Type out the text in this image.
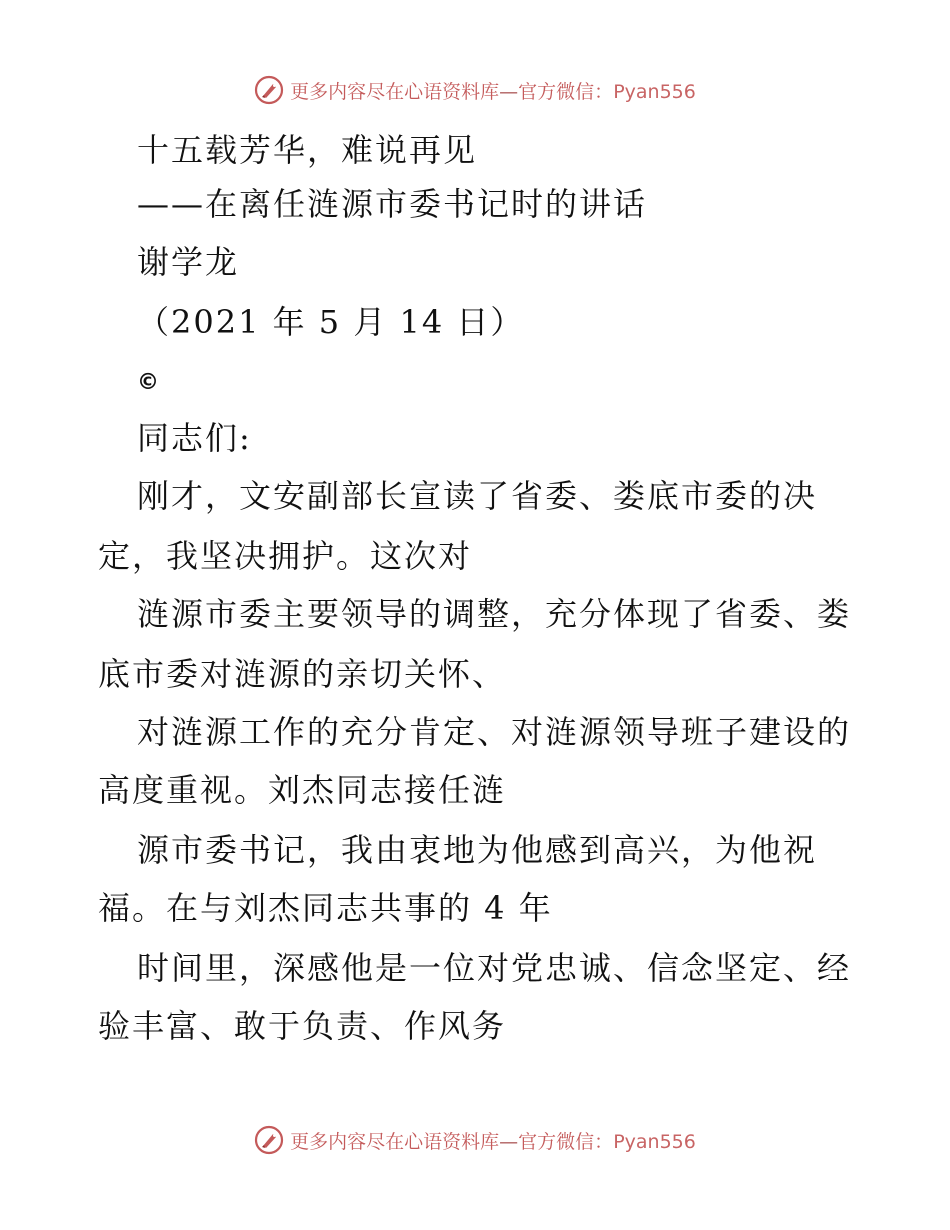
更多内容尽在心语资料库—官方微信：Pyan556
十五载芳华，难说再见
——在离任涟源市委书记时的讲话
谢学龙
（2021 年 5 月 14 日）
©
同志们:
刚才，文安副部长宣读了省委、娄底市委的决
定，我坚决拥护。这次对
涟源市委主要领导的调整，充分体现了省委、娄
底市委对涟源的亲切关怀、
对涟源工作的充分肯定、对涟源领导班子建设的
高度重视。刘杰同志接任涟
源市委书记，我由衷地为他感到高兴，为他祝
福。在与刘杰同志共事的 4 年
时间里，深感他是一位对党忠诚、信念坚定、经
验丰富、敢于负责、作风务
更多内容尽在心语资料库—官方微信：Pyan556
